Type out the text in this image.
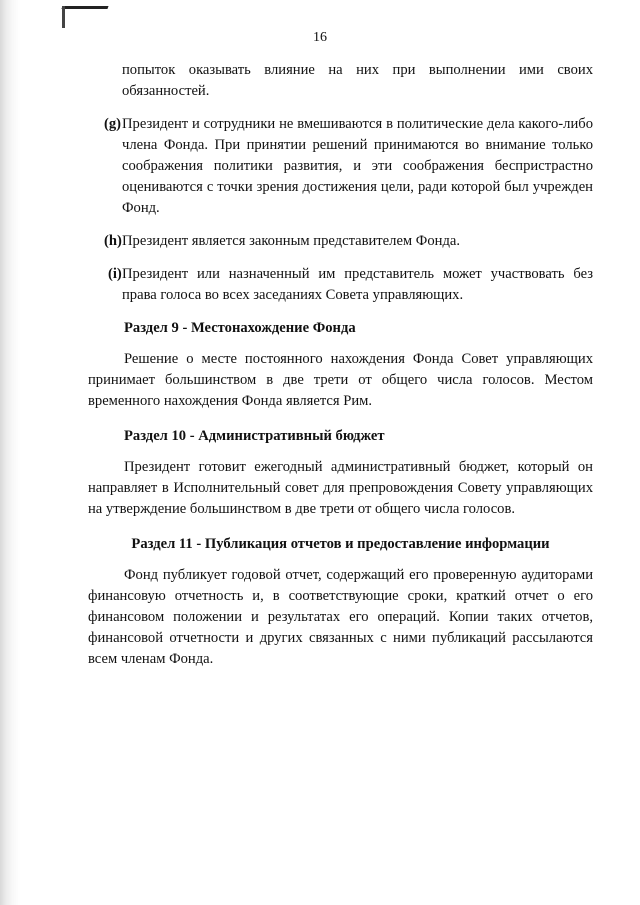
16

попыток оказывать влияние на них при выполнении ими своих обязанностей.

(g) Президент и сотрудники не вмешиваются в политические дела какого-либо члена Фонда. При принятии решений принимаются во внимание только соображения политики развития, и эти соображения беспристрастно оцениваются с точки зрения достижения цели, ради которой был учрежден Фонд.
(h) Президент является законным представителем Фонда.
(i) Президент или назначенный им представитель может участвовать без права голоса во всех заседаниях Совета управляющих.

Раздел 9 - Местонахождение Фонда

Решение о месте постоянного нахождения Фонда Совет управляющих принимает большинством в две трети от общего числа голосов. Местом временного нахождения Фонда является Рим.

Раздел 10 - Административный бюджет

Президент готовит ежегодный административный бюджет, который он направляет в Исполнительный совет для препровождения Совету управляющих на утверждение большинством в две трети от общего числа голосов.

Раздел 11 - Публикация отчетов и предоставление информации

Фонд публикует годовой отчет, содержащий его проверенную аудиторами финансовую отчетность и, в соответствующие сроки, краткий отчет о его финансовом положении и результатах его операций. Копии таких отчетов, финансовой отчетности и других связанных с ними публикаций рассылаются всем членам Фонда.
